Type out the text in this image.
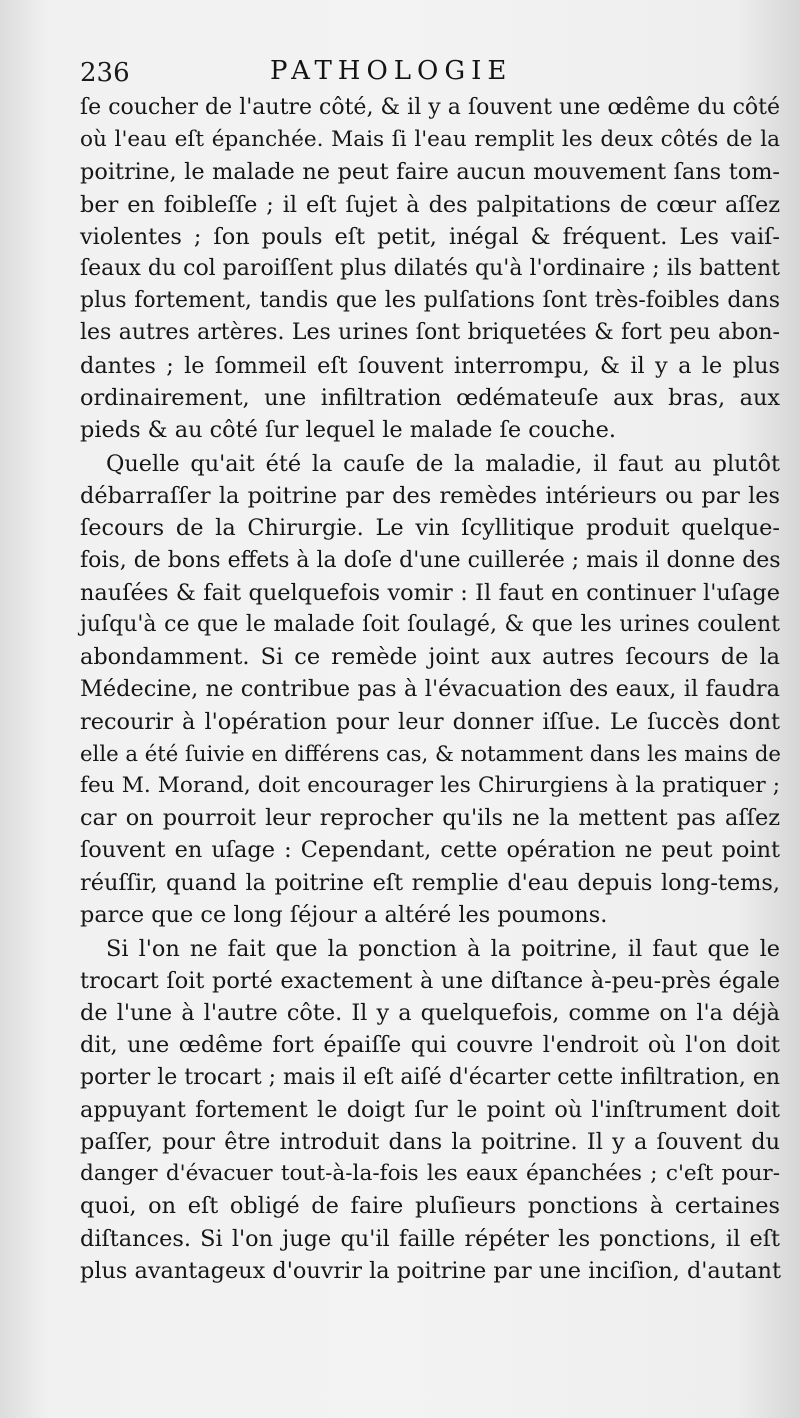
236	PATHOLOGIE
ſe coucher de l'autre côté, & il y a ſouvent une œdême du côté
où l'eau eſt épanchée. Mais ſi l'eau remplit les deux côtés de la
poitrine, le malade ne peut faire aucun mouvement ſans tom-
ber en foibleſſe ; il eſt ſujet à des palpitations de cœur aſſez
violentes ; ſon pouls eſt petit, inégal & fréquent. Les vaiſ-
ſeaux du col paroiſſent plus dilatés qu'à l'ordinaire ; ils battent
plus fortement, tandis que les pulſations ſont très-foibles dans
les autres artères. Les urines ſont briquetées & fort peu abon-
dantes ; le ſommeil eſt ſouvent interrompu, & il y a le plus
ordinairement, une infiltration œdémateuſe aux bras, aux
pieds & au côté ſur lequel le malade ſe couche.
Quelle qu'ait été la cauſe de la maladie, il faut au plutôt
débarraſſer la poitrine par des remèdes intérieurs ou par les
ſecours de la Chirurgie. Le vin ſcyllitique produit quelque-
fois, de bons effets à la doſe d'une cuillerée ; mais il donne des
nauſées & fait quelquefois vomir : Il faut en continuer l'uſage
juſqu'à ce que le malade ſoit ſoulagé, & que les urines coulent
abondamment. Si ce remède joint aux autres ſecours de la
Médecine, ne contribue pas à l'évacuation des eaux, il faudra
recourir à l'opération pour leur donner iſſue. Le ſuccès dont
elle a été ſuivie en différens cas, & notamment dans les mains de
feu M. Morand, doit encourager les Chirurgiens à la pratiquer ;
car on pourroit leur reprocher qu'ils ne la mettent pas aſſez
ſouvent en uſage : Cependant, cette opération ne peut point
réuſſir, quand la poitrine eſt remplie d'eau depuis long-tems,
parce que ce long ſéjour a altéré les poumons.
Si l'on ne fait que la ponction à la poitrine, il faut que le
trocart ſoit porté exactement à une diſtance à-peu-près égale
de l'une à l'autre côte. Il y a quelquefois, comme on l'a déjà
dit, une œdême fort épaiſſe qui couvre l'endroit où l'on doit
porter le trocart ; mais il eſt aiſé d'écarter cette infiltration, en
appuyant fortement le doigt ſur le point où l'inſtrument doit
paſſer, pour être introduit dans la poitrine. Il y a ſouvent du
danger d'évacuer tout-à-la-fois les eaux épanchées ; c'eſt pour-
quoi, on eſt obligé de faire pluſieurs ponctions à certaines
diſtances. Si l'on juge qu'il faille répéter les ponctions, il eſt
plus avantageux d'ouvrir la poitrine par une inciſion, d'autant
